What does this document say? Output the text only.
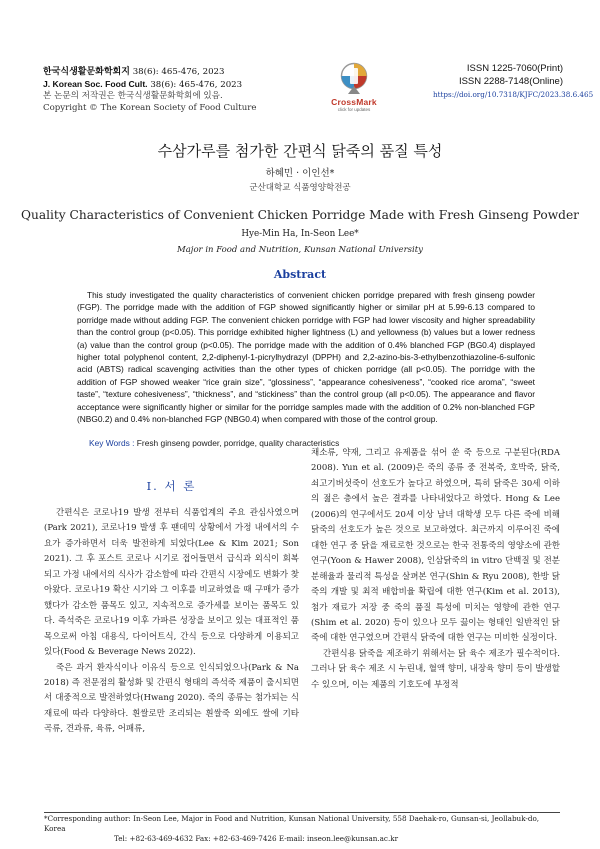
한국식생활문화학회지 38(6): 465-476, 2023
J. Korean Soc. Food Cult. 38(6): 465-476, 2023
본 논문의 저작권은 한국식생활문화학회에 있음.
Copyright © The Korean Society of Food Culture
CrossMark
click for updates
ISSN 1225-7060(Print)
ISSN 2288-7148(Online)
https://doi.org/10.7318/KJFC/2023.38.6.465
수삼가루를 첨가한 간편식 닭죽의 품질 특성
하혜민 · 이인선*
군산대학교 식품영양학전공
Quality Characteristics of Convenient Chicken Porridge Made with Fresh Ginseng Powder
Hye-Min Ha, In-Seon Lee*
Major in Food and Nutrition, Kunsan National University
Abstract
This study investigated the quality characteristics of convenient chicken porridge prepared with fresh ginseng powder (FGP). The porridge made with the addition of FGP showed significantly higher or similar pH at 5.99-6.13 compared to porridge made without adding FGP. The convenient chicken porridge with FGP had lower viscosity and higher spreadability than the control group (p<0.05). This porridge exhibited higher lightness (L) and yellowness (b) values but a lower redness (a) value than the control group (p<0.05). The porridge made with the addition of 0.4% blanched FGP (BG0.4) displayed higher total polyphenol content, 2,2-diphenyl-1-picrylhydrazyl (DPPH) and 2,2-azino-bis-3-ethylbenzothiazoline-6-sulfonic acid (ABTS) radical scavenging activities than the other types of chicken porridge (all p<0.05). The porridge with the addition of FGP showed weaker “rice grain size”, “glossiness”, “appearance cohesiveness”, “cooked rice aroma”, “sweet taste”, “texture cohesiveness”, “thickness”, and “stickiness” than the control group (all p<0.05). The appearance and flavor acceptance were significantly higher or similar for the porridge samples made with the addition of 0.2% non-blanched FGP (NBG0.2) and 0.4% non-blanched FGP (NBG0.4) when compared with those of the control group.
Key Words : Fresh ginseng powder, porridge, quality characteristics
Ⅰ. 서 론

간편식은 코로나19 발생 전부터 식품업계의 주요 관심사였으며(Park 2021), 코로나19 발생 후 팬데믹 상황에서 가정 내에서의 수요가 증가하면서 더욱 발전하게 되었다(Lee & Kim 2021; Son 2021). 그 후 포스트 코로나 시기로 접어들면서 급식과 외식이 회복되고 가정 내에서의 식사가 감소함에 따라 간편식 시장에도 변화가 찾아왔다. 코로나19 확산 시기와 그 이후를 비교하였을 때 구매가 증가했다가 감소한 품목도 있고, 지속적으로 증가세를 보이는 품목도 있다. 즉석죽은 코로나19 이후 가파른 성장을 보이고 있는 대표적인 품목으로써 아침 대용식, 다이어트식, 간식 등으로 다양하게 이용되고 있다(Food & Beverage News 2022).

죽은 과거 환자식이나 이유식 등으로 인식되었으나(Park & Na 2018) 즉 전문점의 활성화 및 간편식 형태의 즉석죽 제품이 출시되면서 대중적으로 발전하였다(Hwang 2020). 죽의 종류는 첨가되는 식재료에 따라 다양하다. 흰쌀로만 조리되는 흰쌀죽 외에도 쌀에 기타 곡류, 견과류, 육류, 어패류,

채소류, 약재, 그리고 유제품을 섞어 쑨 죽 등으로 구분된다(RDA 2008). Yun et al. (2009)은 죽의 종류 중 전복죽, 호박죽, 닭죽, 쇠고기버섯죽이 선호도가 높다고 하였으며, 특히 닭죽은 30세 이하의 젊은 층에서 높은 결과를 나타내었다고 하였다. Hong & Lee (2006)의 연구에서도 20세 이상 남녀 대학생 모두 다른 죽에 비해 닭죽의 선호도가 높은 것으로 보고하였다. 최근까지 이루어진 죽에 대한 연구 중 닭을 재료로한 것으로는 한국 전통죽의 영양소에 관한 연구(Yoon & Hawer 2008), 인삼닭죽의 in vitro 단백질 및 전분 분해율과 물리적 특성을 살펴본 연구(Shin & Ryu 2008), 한방 닭죽의 개발 및 최적 배합비율 확립에 대한 연구(Kim et al. 2013), 첨가 재료가 저장 중 죽의 품질 특성에 미치는 영향에 관한 연구(Shim et al. 2020) 등이 있으나 모두 끓이는 형태인 일반적인 닭죽에 대한 연구였으며 간편식 닭죽에 대한 연구는 미비한 실정이다.

간편식용 닭죽을 제조하기 위해서는 닭 육수 제조가 필수적이다. 그러나 닭 육수 제조 시 누린내, 혈액 향미, 내장육 향미 등이 발생할 수 있으며, 이는 제품의 기호도에 부정적

*Corresponding author: In-Seon Lee, Major in Food and Nutrition, Kunsan National University, 558 Daehak-ro, Gunsan-si, Jeollabuk-do, Korea
Tel: +82-63-469-4632 Fax: +82-63-469-7426 E-mail: inseon.lee@kunsan.ac.kr
